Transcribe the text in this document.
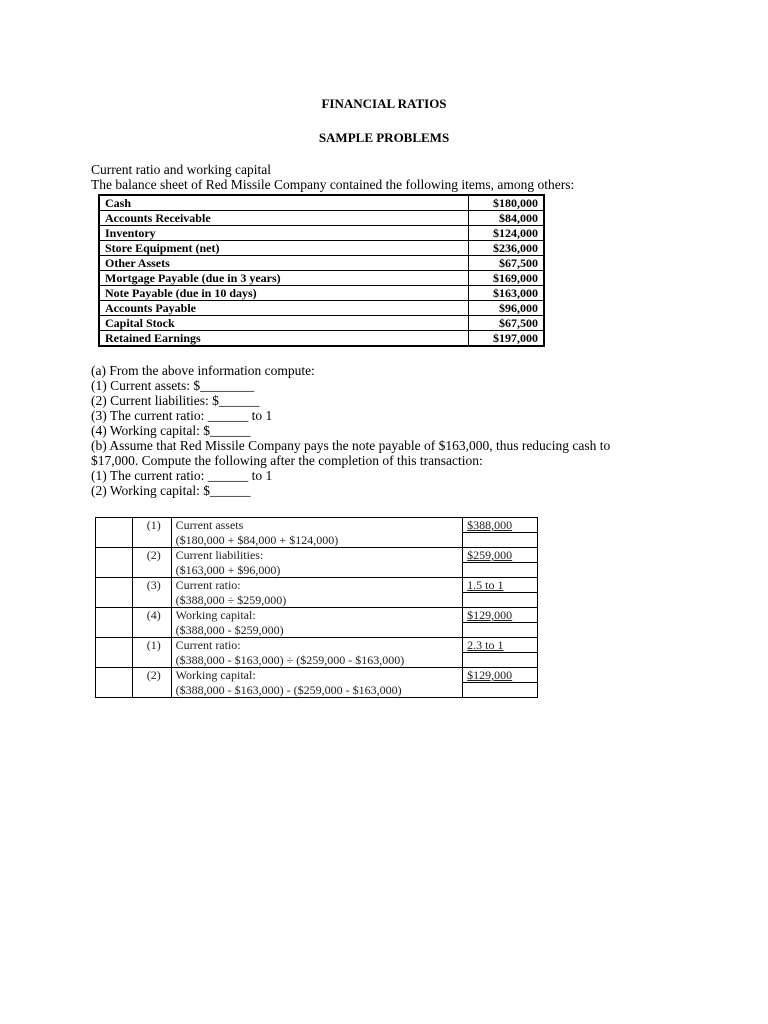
FINANCIAL RATIOS
SAMPLE PROBLEMS
Current ratio and working capital
The balance sheet of Red Missile Company contained the following items, among others:
Cash	$180,000
Accounts Receivable	$84,000
Inventory	$124,000
Store Equipment (net)	$236,000
Other Assets	$67,500
Mortgage Payable (due in 3 years)	$169,000
Note Payable (due in 10 days)	$163,000
Accounts Payable	$96,000
Capital Stock	$67,500
Retained Earnings	$197,000
(a) From the above information compute:
(1) Current assets: $________
(2) Current liabilities: $______
(3) The current ratio: ______ to 1
(4) Working capital: $______
(b) Assume that Red Missile Company pays the note payable of $163,000, thus reducing cash to
$17,000. Compute the following after the completion of this transaction:
(1) The current ratio: ______ to 1
(2) Working capital: $______
	(1)	Current assets	$388,000
		($180,000 + $84,000 + $124,000)	
	(2)	Current liabilities:	$259,000
		($163,000 + $96,000)	
	(3)	Current ratio:	1.5 to 1
		($388,000 ÷ $259,000)	
	(4)	Working capital:	$129,000
		($388,000 - $259,000)	
	(1)	Current ratio:	2.3 to 1
		($388,000 - $163,000) ÷ ($259,000 - $163,000)	
	(2)	Working capital:	$129,000
		($388,000 - $163,000) - ($259,000 - $163,000)	
